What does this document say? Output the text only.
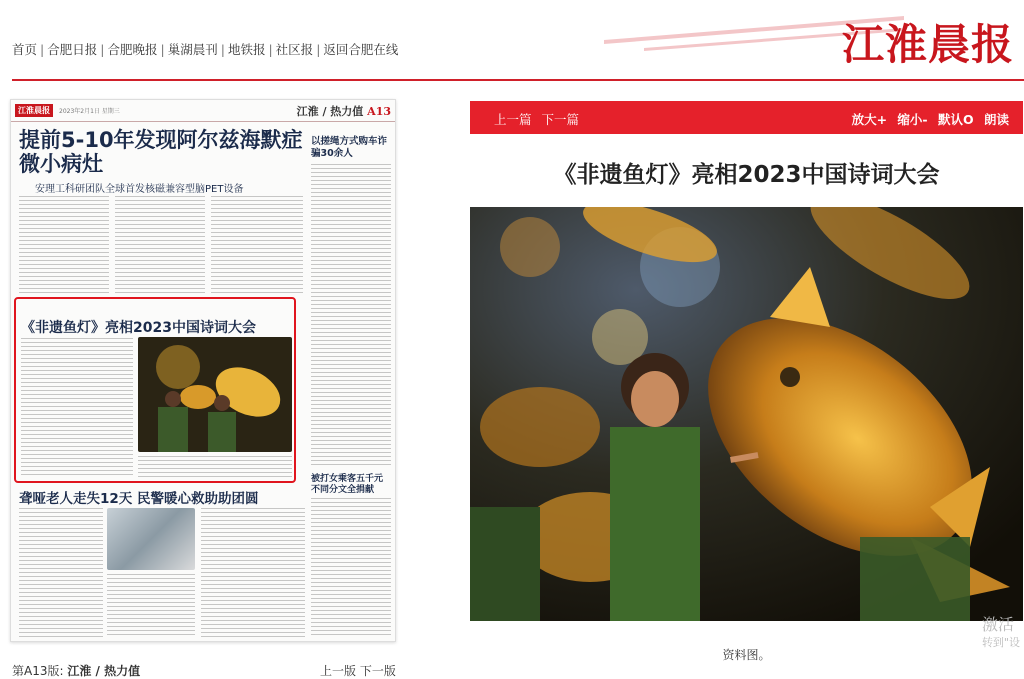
首页 | 合肥日报 | 合肥晚报 | 巢湖晨刊 | 地铁报 | 社区报 | 返回合肥在线	江淮晨报
江淮晨报	2023年2月1日 星期三	江淮 / 热力值 A13
提前5-10年发现阿尔兹海默症微小病灶
安理工科研团队全球首发核磁兼容型脑PET设备
以搓绳方式购车诈骗30余人
《非遗鱼灯》亮相2023中国诗词大会
被打女乘客五千元不同分文全捐献
聋哑老人走失12天 民警暖心救助助团圆
第A13版: 江淮 / 热力值	上一版 下一版
上一篇 下一篇	放大+ 缩小- 默认O 朗读
《非遗鱼灯》亮相2023中国诗词大会
资料图。
激活
转到"设
